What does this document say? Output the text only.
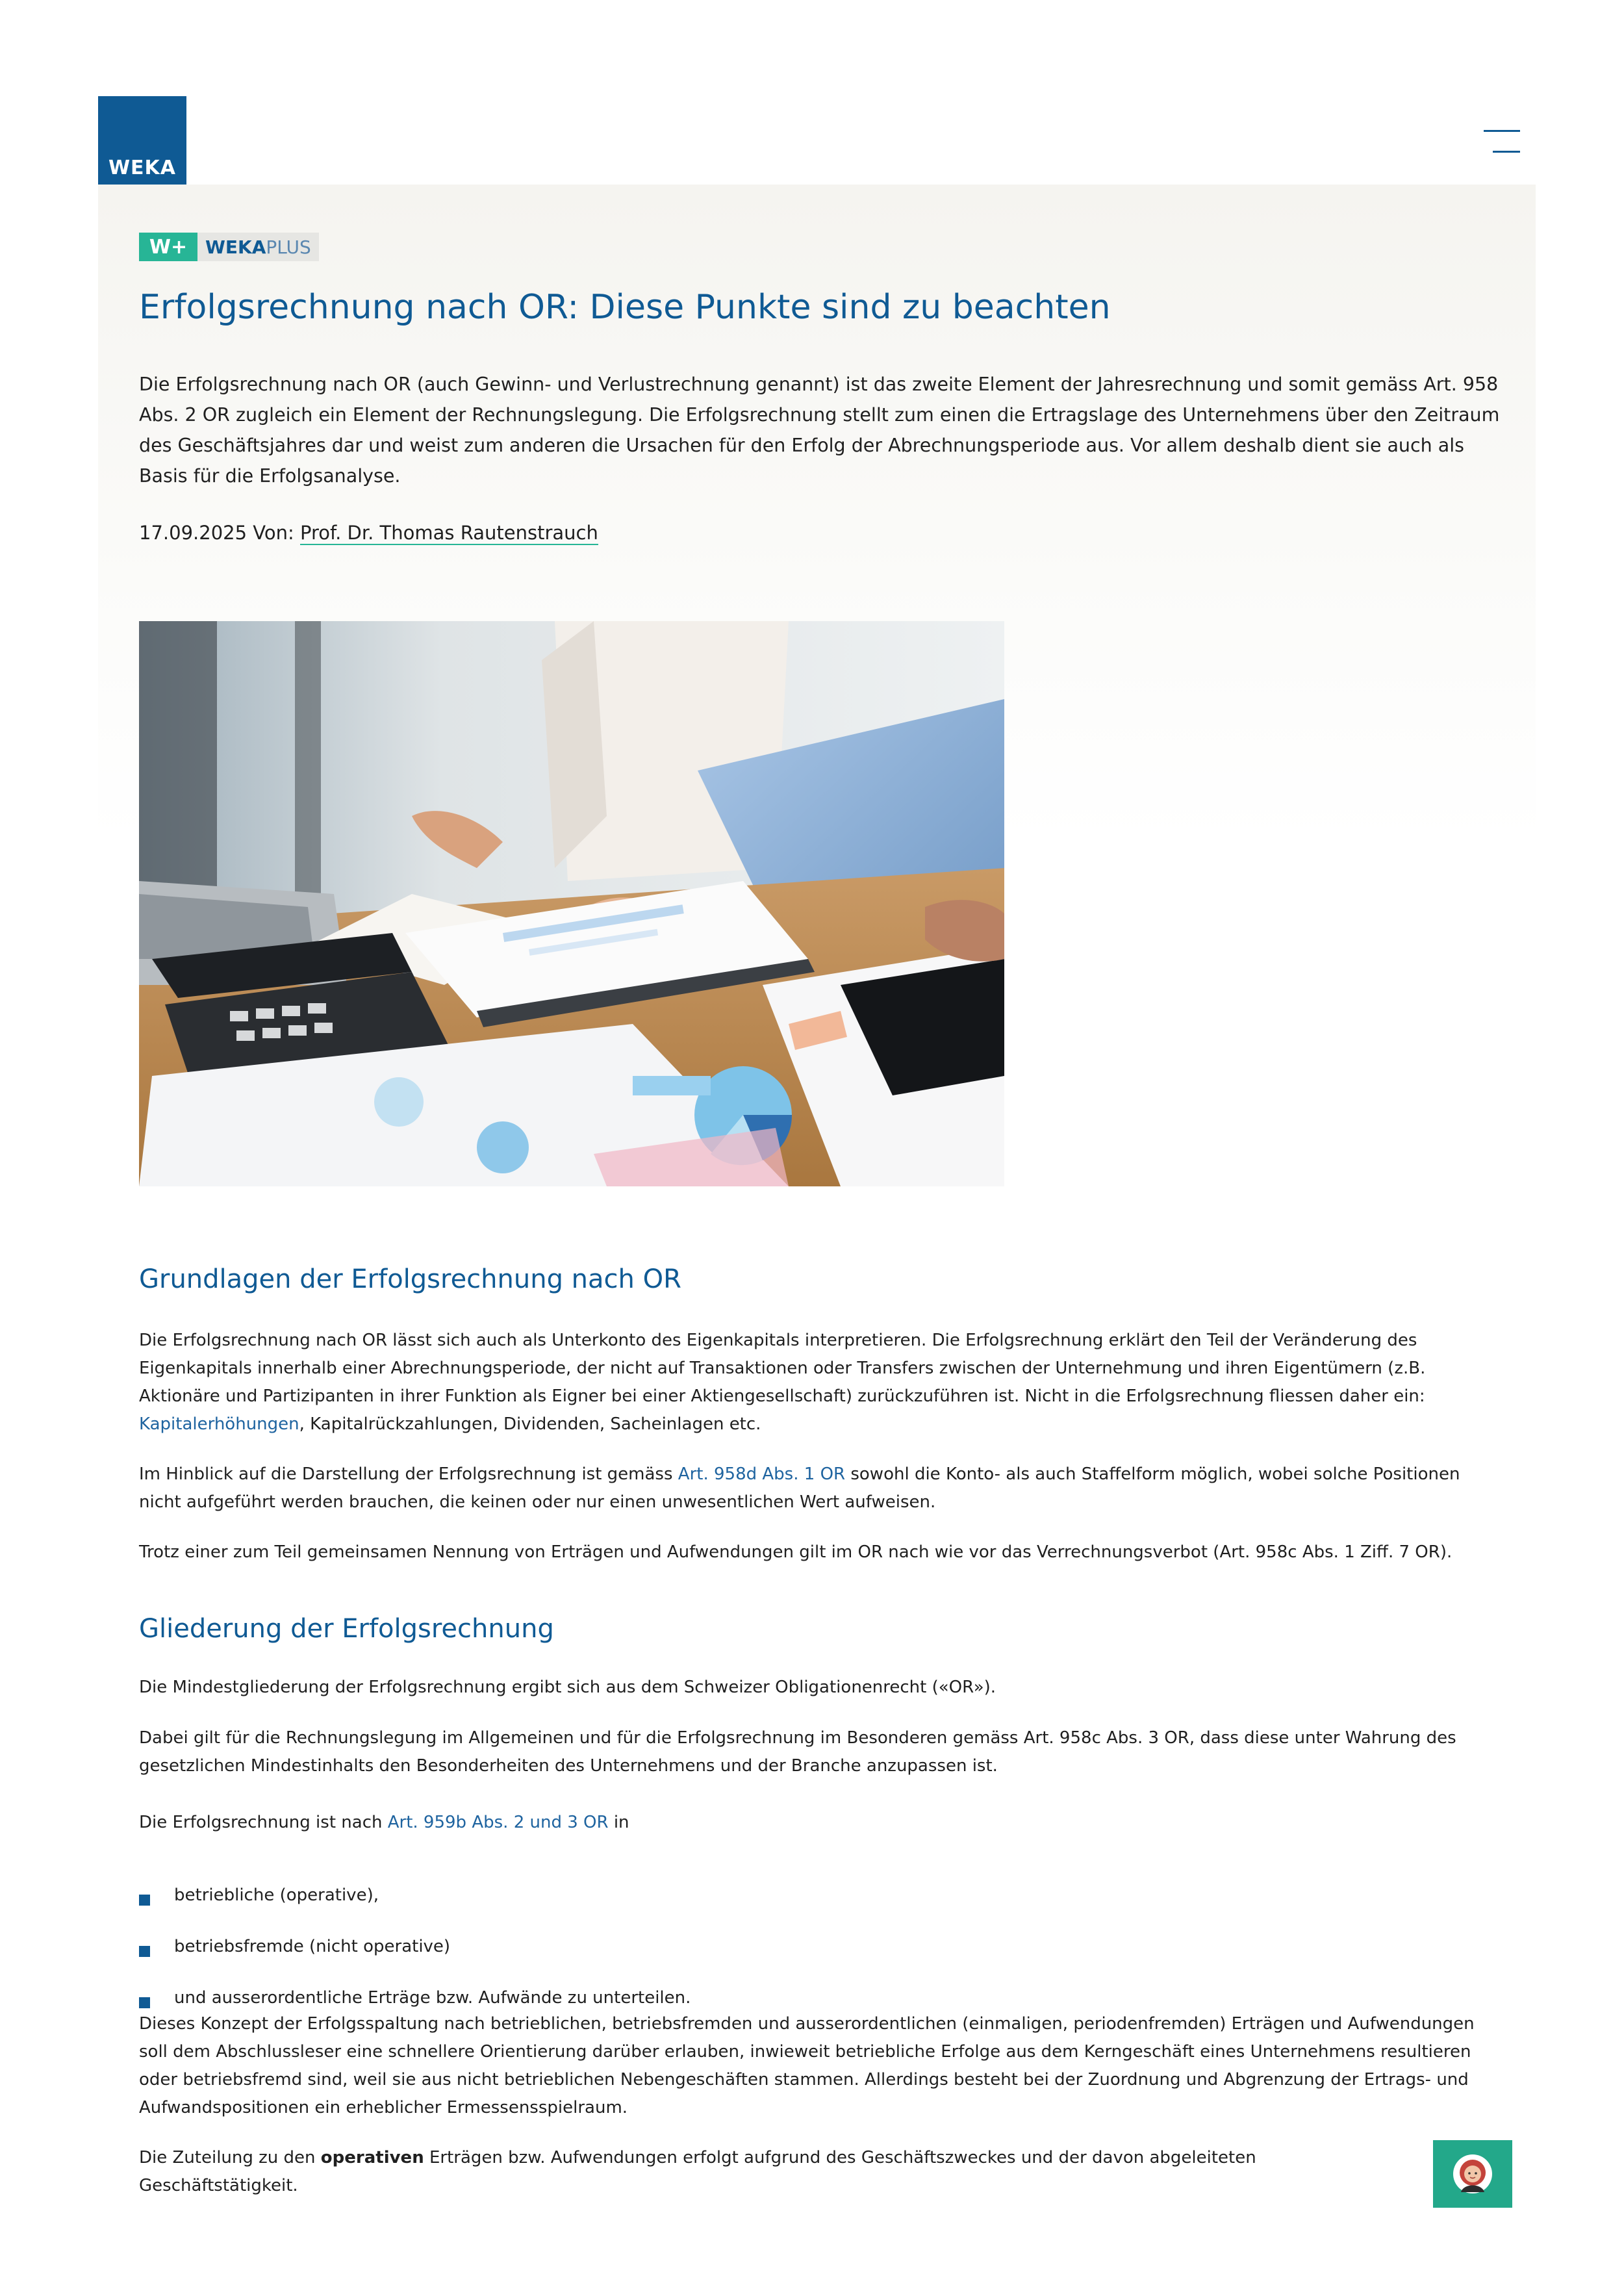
WEKA
W+ WEKA PLUS
Erfolgsrechnung nach OR: Diese Punkte sind zu beachten

Die Erfolgsrechnung nach OR (auch Gewinn- und Verlustrechnung genannt) ist das zweite Element der Jahresrechnung und somit gemäss Art. 958 Abs. 2 OR zugleich ein Element der Rechnungslegung. Die Erfolgsrechnung stellt zum einen die Ertragslage des Unternehmens über den Zeitraum des Geschäftsjahres dar und weist zum anderen die Ursachen für den Erfolg der Abrechnungsperiode aus. Vor allem deshalb dient sie auch als Basis für die Erfolgsanalyse.

17.09.2025 Von: Prof. Dr. Thomas Rautenstrauch
Grundlagen der Erfolgsrechnung nach OR

Die Erfolgsrechnung nach OR lässt sich auch als Unterkonto des Eigenkapitals interpretieren. Die Erfolgsrechnung erklärt den Teil der Veränderung des Eigenkapitals innerhalb einer Abrechnungsperiode, der nicht auf Transaktionen oder Transfers zwischen der Unternehmung und ihren Eigentümern (z.B. Aktionäre und Partizipanten in ihrer Funktion als Eigner bei einer Aktiengesellschaft) zurückzuführen ist. Nicht in die Erfolgsrechnung fliessen daher ein: Kapitalerhöhungen, Kapitalrückzahlungen, Dividenden, Sacheinlagen etc.

Im Hinblick auf die Darstellung der Erfolgsrechnung ist gemäss Art. 958d Abs. 1 OR sowohl die Konto- als auch Staffelform möglich, wobei solche Positionen nicht aufgeführt werden brauchen, die keinen oder nur einen unwesentlichen Wert aufweisen.

Trotz einer zum Teil gemeinsamen Nennung von Erträgen und Aufwendungen gilt im OR nach wie vor das Verrechnungsverbot (Art. 958c Abs. 1 Ziff. 7 OR).

Gliederung der Erfolgsrechnung

Die Mindestgliederung der Erfolgsrechnung ergibt sich aus dem Schweizer Obligationenrecht («OR»).

Dabei gilt für die Rechnungslegung im Allgemeinen und für die Erfolgsrechnung im Besonderen gemäss Art. 958c Abs. 3 OR, dass diese unter Wahrung des gesetzlichen Mindestinhalts den Besonderheiten des Unternehmens und der Branche anzupassen ist.

Die Erfolgsrechnung ist nach Art. 959b Abs. 2 und 3 OR in

betriebliche (operative),
betriebsfremde (nicht operative)
und ausserordentliche Erträge bzw. Aufwände zu unterteilen.

Dieses Konzept der Erfolgsspaltung nach betrieblichen, betriebsfremden und ausserordentlichen (einmaligen, periodenfremden) Erträgen und Aufwendungen soll dem Abschlussleser eine schnellere Orientierung darüber erlauben, inwieweit betriebliche Erfolge aus dem Kerngeschäft eines Unternehmens resultieren oder betriebsfremd sind, weil sie aus nicht betrieblichen Nebengeschäften stammen. Allerdings besteht bei der Zuordnung und Abgrenzung der Ertrags- und Aufwandspositionen ein erheblicher Ermessensspielraum.

Die Zuteilung zu den operativen Erträgen bzw. Aufwendungen erfolgt aufgrund des Geschäftszweckes und der davon abgeleiteten Geschäftstätigkeit.
